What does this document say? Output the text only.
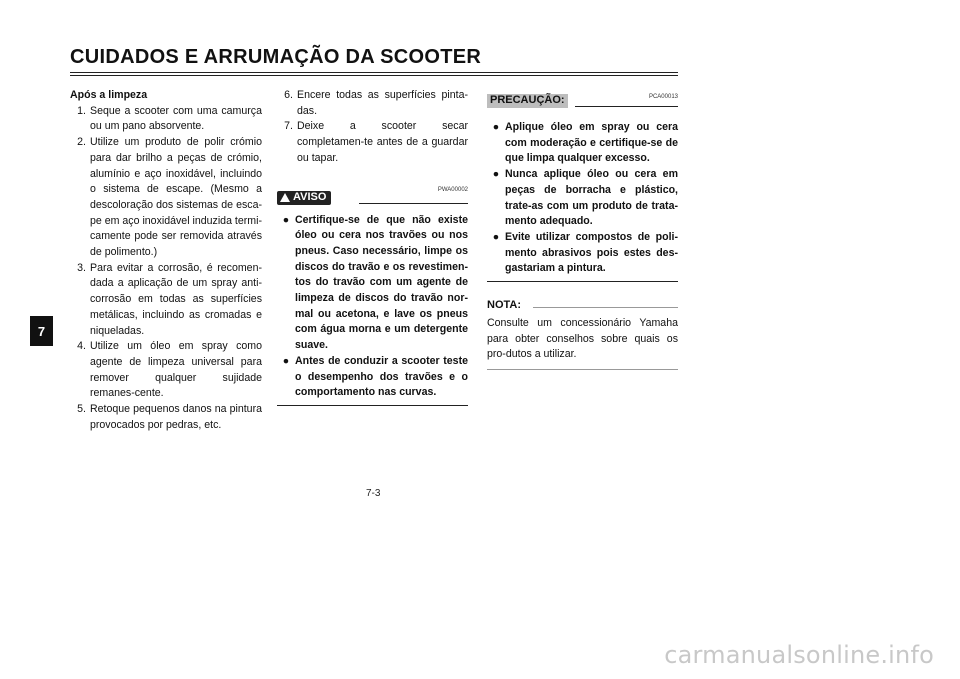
CUIDADOS E ARRUMAÇÃO DA SCOOTER
7
Após a limpeza
1. Seque a scooter com uma camurça ou um pano absorvente.
2. Utilize um produto de polir crómio para dar brilho a peças de crómio, alumínio e aço inoxidável, incluindo o sistema de escape. (Mesmo a descoloração dos sistemas de esca-pe em aço inoxidável induzida termi-camente pode ser removida através de polimento.)
3. Para evitar a corrosão, é recomen-dada a aplicação de um spray anti-corrosão em todas as superfícies metálicas, incluindo as cromadas e niqueladas.
4. Utilize um óleo em spray como agente de limpeza universal para remover qualquer sujidade remanes-cente.
5. Retoque pequenos danos na pintura provocados por pedras, etc.
6. Encere todas as superfícies pinta-das.
7. Deixe a scooter secar completamen-te antes de a guardar ou tapar.
PWA00002
AVISO
● Certifique-se de que não existe óleo ou cera nos travões ou nos pneus. Caso necessário, limpe os discos do travão e os revestimen-tos do travão com um agente de limpeza de discos do travão nor-mal ou acetona, e lave os pneus com água morna e um detergente suave.
● Antes de conduzir a scooter teste o desempenho dos travões e o comportamento nas curvas.
PCA00013
PRECAUÇÃO:
● Aplique óleo em spray ou cera com moderação e certifique-se de que limpa qualquer excesso.
● Nunca aplique óleo ou cera em peças de borracha e plástico, trate-as com um produto de trata-mento adequado.
● Evite utilizar compostos de poli-mento abrasivos pois estes des-gastariam a pintura.
NOTA:
Consulte um concessionário Yamaha para obter conselhos sobre quais os pro-dutos a utilizar.
7-3
carmanualsonline.info
